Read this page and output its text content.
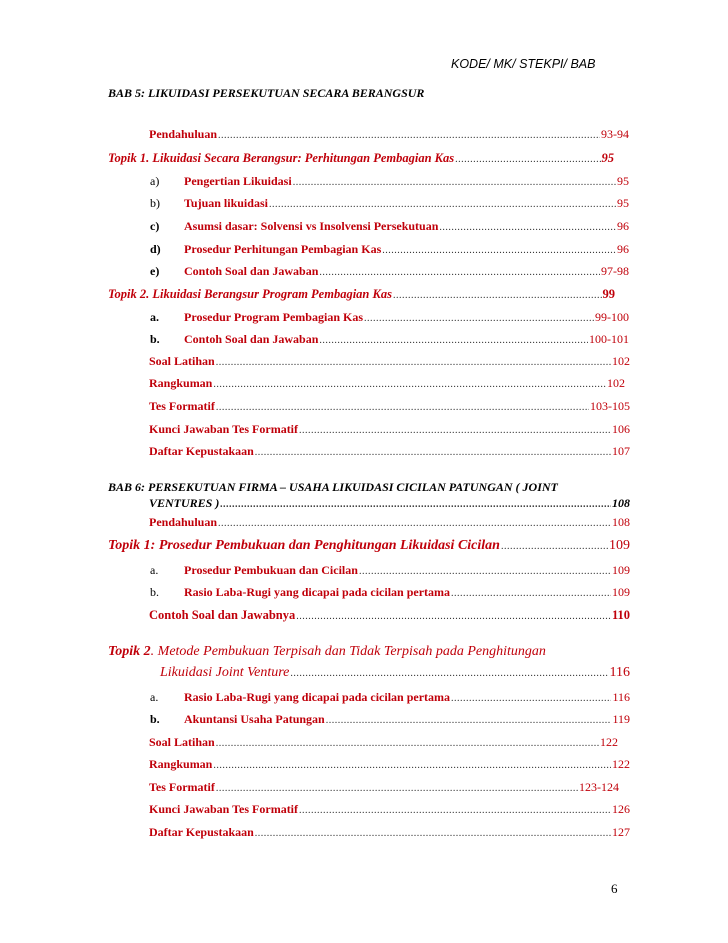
KODE/ MK/ STEKPI/ BAB
BAB 5: LIKUIDASI PERSEKUTUAN SECARA BERANGSUR
Pendahuluan .....	93-94
Topik 1. Likuidasi Secara Berangsur: Perhitungan Pembagian Kas .....	95
a) Pengertian Likuidasi .....	95
b) Tujuan likuidasi .....	95
c) Asumsi dasar: Solvensi vs Insolvensi Persekutuan .....	96
d) Prosedur Perhitungan Pembagian Kas .....	96
e) Contoh Soal dan Jawaban .....	97-98
Topik 2. Likuidasi Berangsur Program Pembagian Kas .....	99
a. Prosedur Program Pembagian Kas .....	99-100
b. Contoh Soal dan Jawaban .....	100-101
Soal Latihan .....	102
Rangkuman .....	102
Tes Formatif .....	103-105
Kunci Jawaban Tes Formatif .....	106
Daftar Kepustakaan .....	107
BAB 6: PERSEKUTUAN FIRMA – USAHA LIKUIDASI CICILAN PATUNGAN ( JOINT
VENTURES ) .....	108
Pendahuluan .....	108
Topik 1: Prosedur Pembukuan dan Penghitungan Likuidasi Cicilan .....	109
a. Prosedur Pembukuan dan Cicilan .....	109
b. Rasio Laba-Rugi yang dicapai pada cicilan pertama .....	109
Contoh Soal dan Jawabnya .....	110
Topik 2. Metode Pembukuan Terpisah dan Tidak Terpisah pada Penghitungan
Likuidasi Joint Venture .....	116
a. Rasio Laba-Rugi yang dicapai pada cicilan pertama .....	116
b. Akuntansi Usaha Patungan .....	119
Soal Latihan .....	122
Rangkuman .....	122
Tes Formatif .....	123-124
Kunci Jawaban Tes Formatif .....	126
Daftar Kepustakaan .....	127
6
